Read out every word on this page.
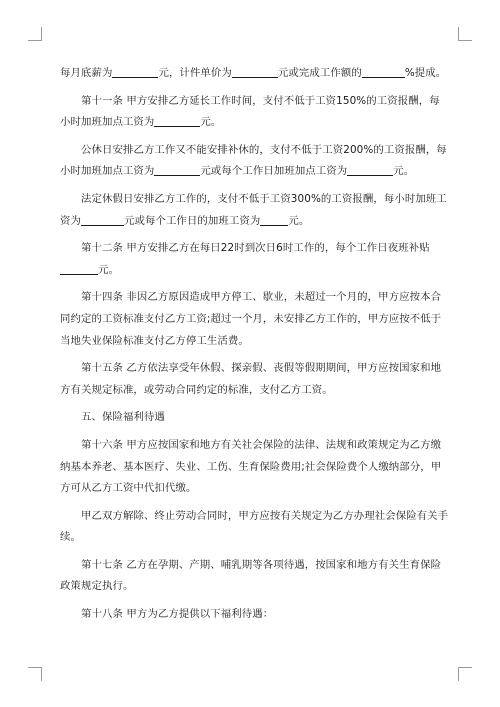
每月底薪为	元，计件单价为	元或完成工作额的	%提成。

第十一条 甲方安排乙方延长工作时间，支付不低于工资150%的工资报酬，每小时加班加点工资为	元。

公休日安排乙方工作又不能安排补休的，支付不低于工资200%的工资报酬，每小时加班加点工资为	元或每个工作日加班加点工资为	元。

法定休假日安排乙方工作的，支付不低于工资300%的工资报酬，每小时加班工资为	元或每个工作日的加班工资为	元。

第十二条 甲方安排乙方在每日22时到次日6时工作的，每个工作日夜班补贴元。

第十四条 非因乙方原因造成甲方停工、歇业，未超过一个月的，甲方应按本合同约定的工资标准支付乙方工资;超过一个月，未安排乙方工作的，甲方应按不低于当地失业保险标准支付乙方停工生活费。

第十五条 乙方依法享受年休假、探亲假、丧假等假期期间，甲方应按国家和地方有关规定标准，或劳动合同约定的标准，支付乙方工资。

五、保险福利待遇

第十六条 甲方应按国家和地方有关社会保险的法律、法规和政策规定为乙方缴纳基本养老、基本医疗、失业、工伤、生育保险费用;社会保险费个人缴纳部分，甲方可从乙方工资中代扣代缴。

甲乙双方解除、终止劳动合同时，甲方应按有关规定为乙方办理社会保险有关手续。

第十七条 乙方在孕期、产期、哺乳期等各项待遇，按国家和地方有关生育保险政策规定执行。

第十八条 甲方为乙方提供以下福利待遇：
